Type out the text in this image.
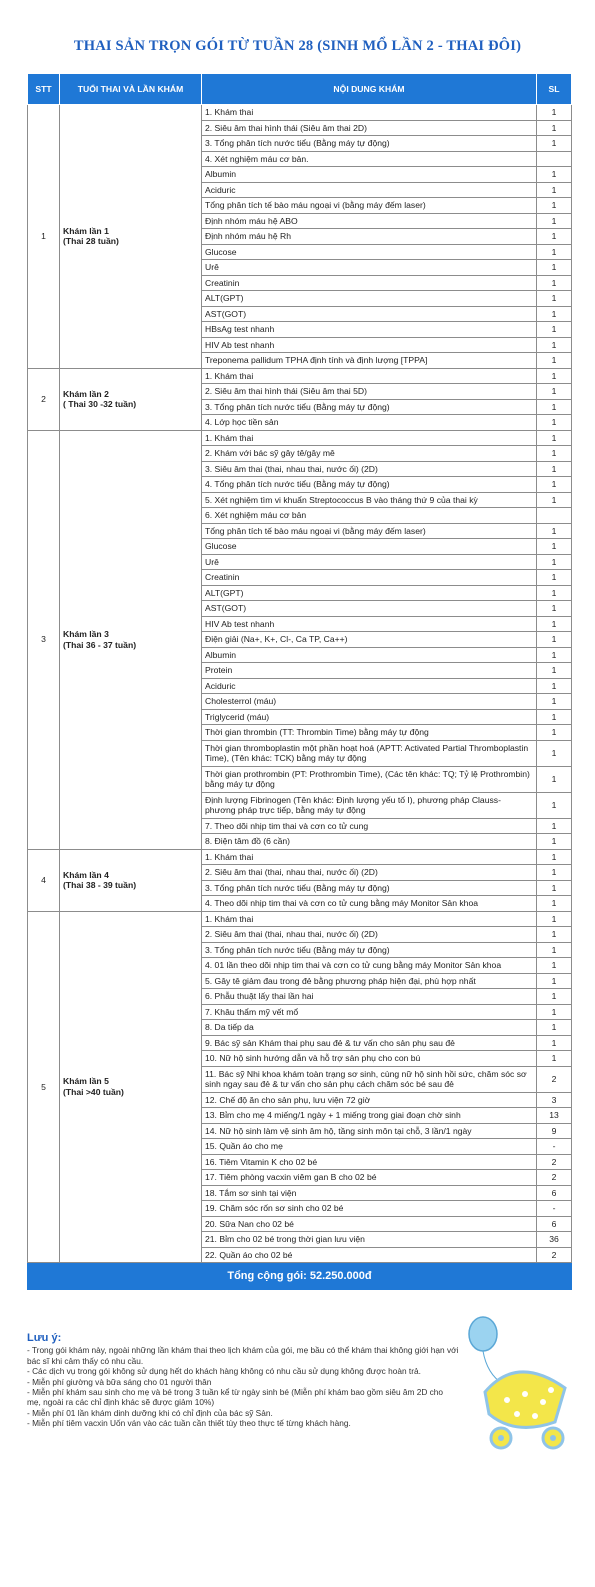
THAI SẢN TRỌN GÓI TỪ TUẦN 28 (SINH MỔ LẦN 2 - THAI ĐÔI)
STT	TUỔI THAI VÀ LẦN KHÁM	NỘI DUNG KHÁM	SL
1	Khám lần 1
(Thai 28 tuần)	1. Khám thai	1
		2. Siêu âm thai hình thái (Siêu âm thai 2D)	1
		3. Tổng phân tích nước tiểu (Bằng máy tự động)	1
		4. Xét nghiệm máu cơ bản.	
		Albumin	1
		Aciduric	1
		Tổng phân tích tế bào máu ngoại vi (bằng máy đếm laser)	1
		Định nhóm máu hệ ABO	1
		Định nhóm máu hệ Rh	1
		Glucose	1
		Urê	1
		Creatinin	1
		ALT(GPT)	1
		AST(GOT)	1
		HBsAg test nhanh	1
		HIV Ab test nhanh	1
		Treponema pallidum TPHA định tính và định lượng [TPPA]	1
2	Khám lần 2
( Thai 30 -32 tuần)	1. Khám thai	1
		2. Siêu âm thai hình thái (Siêu âm thai 5D)	1
		3. Tổng phân tích nước tiểu (Bằng máy tự động)	1
		4. Lớp học tiền sản	1
3	Khám lần 3
(Thai 36 - 37 tuần)	1. Khám thai	1
		2. Khám với bác sỹ gây tê/gây mê	1
		3. Siêu âm thai (thai, nhau thai, nước ối) (2D)	1
		4. Tổng phân tích nước tiểu (Bằng máy tự động)	1
		5. Xét nghiệm tìm vi khuẩn Streptococcus B vào tháng thứ 9 của thai kỳ	1
		6. Xét nghiệm máu cơ bản	
		Tổng phân tích tế bào máu ngoại vi (bằng máy đếm laser)	1
		Glucose	1
		Urê	1
		Creatinin	1
		ALT(GPT)	1
		AST(GOT)	1
		HIV Ab test nhanh	1
		Điện giải (Na+, K+, Cl-, Ca TP, Ca++)	1
		Albumin	1
		Protein	1
		Aciduric	1
		Cholesterrol (máu)	1
		Triglycerid (máu)	1
		Thời gian thrombin (TT: Thrombin Time) bằng máy tự động	1
		Thời gian thromboplastin một phần hoạt hoá (APTT: Activated Partial Thromboplastin Time), (Tên khác: TCK) bằng máy tự động	1
		Thời gian prothrombin (PT: Prothrombin Time), (Các tên khác: TQ; Tỷ lệ Prothrombin) bằng máy tự động	1
		Định lượng Fibrinogen (Tên khác: Định lượng yếu tố I), phương pháp Clauss- phương pháp trực tiếp, bằng máy tự động	1
		7. Theo dõi nhịp tim thai và cơn co tử cung	1
		8. Điện tâm đồ (6 cần)	1
4	Khám lần 4
(Thai 38 - 39 tuần)	1. Khám thai	1
		2. Siêu âm thai (thai, nhau thai, nước ối) (2D)	1
		3. Tổng phân tích nước tiểu (Bằng máy tự động)	1
		4. Theo dõi nhịp tim thai và cơn co tử cung bằng máy Monitor Sản khoa	1
5	Khám lần 5
(Thai >40 tuần)	1. Khám thai	1
		2. Siêu âm thai (thai, nhau thai, nước ối) (2D)	1
		3. Tổng phân tích nước tiểu (Bằng máy tự động)	1
		4. 01 lần theo dõi nhịp tim thai và cơn co tử cung bằng máy Monitor Sản khoa	1
		5. Gây tê giảm đau trong đẻ bằng phương pháp hiện đại, phù hợp nhất	1
		6. Phẫu thuật lấy thai lần hai	1
		7. Khâu thẩm mỹ vết mổ	1
		8. Da tiếp da	1
		9. Bác sỹ sản Khám thai phụ sau đẻ & tư vấn cho sản phụ sau đẻ	1
		10. Nữ hộ sinh hướng dẫn và hỗ trợ sản phụ cho con bú	1
		11. Bác sỹ Nhi khoa khám toàn trạng sơ sinh, cùng nữ hộ sinh hồi sức, chăm sóc sơ sinh ngay sau đẻ & tư vấn cho sản phụ cách chăm sóc bé sau đẻ	2
		12. Chế độ ăn cho sản phụ, lưu viện 72 giờ	3
		13. Bỉm cho mẹ 4 miếng/1 ngày + 1 miếng trong giai đoạn chờ sinh	13
		14. Nữ hộ sinh làm vệ sinh âm hộ, tầng sinh môn tại chỗ, 3 lần/1 ngày	9
		15. Quần áo cho mẹ	-
		16. Tiêm Vitamin K cho 02 bé	2
		17. Tiêm phòng vacxin viêm gan B cho 02 bé	2
		18. Tắm sơ sinh tại viện	6
		19. Chăm sóc rốn sơ sinh cho 02 bé	-
		20. Sữa Nan cho 02 bé	6
		21. Bỉm cho 02 bé trong thời gian lưu viện	36
		22. Quần áo cho 02 bé	2
Tổng cộng gói: 52.250.000đ			
Lưu ý:

- Trong gói khám này, ngoài những lần khám thai theo lịch khám của gói, mẹ bầu có thể khám thai không giới hạn với bác sĩ khi cảm thấy có nhu cầu.

- Các dịch vụ trong gói không sử dụng hết do khách hàng không có nhu cầu sử dụng không được hoàn trả.

- Miễn phí giường và bữa sáng cho 01 người thân

- Miễn phí khám sau sinh cho mẹ và bé trong 3 tuần kể từ ngày sinh bé (Miễn phí khám bao gồm siêu âm 2D cho mẹ, ngoài ra các chỉ định khác sẽ được giảm 10%)

- Miễn phí 01 lần khám dinh dưỡng khi có chỉ định của bác sỹ Sản.

- Miễn phí tiêm vacxin Uốn ván vào các tuần cần thiết tùy theo thực tế từng khách hàng.
